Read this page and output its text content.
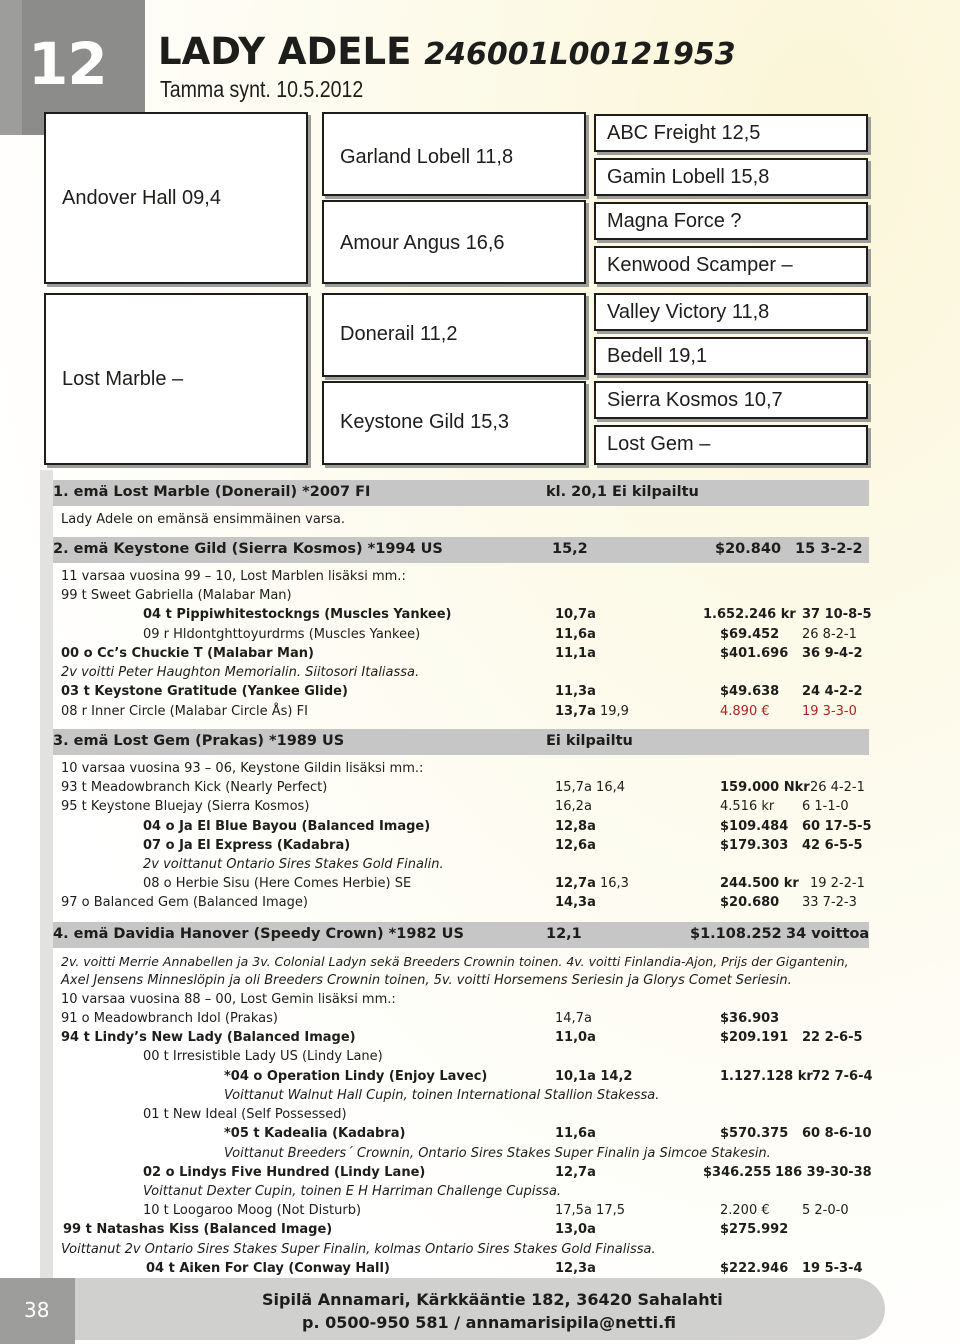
12 LADY ADELE 246001L00121953
Tamma synt. 10.5.2012
Andover Hall 09,4
Lost Marble –
Garland Lobell 11,8
Amour Angus 16,6
Donerail 11,2
Keystone Gild 15,3
ABC Freight 12,5
Gamin Lobell 15,8
Magna Force ?
Kenwood Scamper –
Valley Victory 11,8
Bedell 19,1
Sierra Kosmos 10,7
Lost Gem –
1. emä Lost Marble (Donerail) *2007 FI	kl. 20,1 Ei kilpailtu
Lady Adele on emänsä ensimmäinen varsa.
2. emä Keystone Gild (Sierra Kosmos) *1994 US	15,2	$20.840 15 3-2-2
11 varsaa vuosina 99 – 10, Lost Marblen lisäksi mm.:
99 t Sweet Gabriella (Malabar Man)
04 t Pippiwhitestockngs (Muscles Yankee)	10,7a	1.652.246 kr 37 10-8-5
09 r Hldontghttoyurdrms (Muscles Yankee)	11,6a	$69.452 26 8-2-1
00 o Cc’s Chuckie T (Malabar Man)	11,1a	$401.696 36 9-4-2
2v voitti Peter Haughton Memorialin. Siitosori Italiassa.
03 t Keystone Gratitude (Yankee Glide)	11,3a	$49.638 24 4-2-2
08 r Inner Circle (Malabar Circle Ås) FI	13,7a 19,9	4.890 € 19 3-3-0
3. emä Lost Gem (Prakas) *1989 US	Ei kilpailtu
10 varsaa vuosina 93 – 06, Keystone Gildin lisäksi mm.:
93 t Meadowbranch Kick (Nearly Perfect)	15,7a 16,4	159.000 Nkr 26 4-2-1
95 t Keystone Bluejay (Sierra Kosmos)	16,2a	4.516 kr 6 1-1-0
04 o Ja El Blue Bayou (Balanced Image)	12,8a	$109.484 60 17-5-5
07 o Ja El Express (Kadabra)	12,6a	$179.303 42 6-5-5
2v voittanut Ontario Sires Stakes Gold Finalin.
08 o Herbie Sisu (Here Comes Herbie) SE	12,7a 16,3	244.500 kr 19 2-2-1
97 o Balanced Gem (Balanced Image)	14,3a	$20.680 33 7-2-3
4. emä Davidia Hanover (Speedy Crown) *1982 US	12,1	$1.108.252 34 voittoa
2v. voitti Merrie Annabellen ja 3v. Colonial Ladyn sekä Breeders Crownin toinen. 4v. voitti Finlandia-Ajon, Prijs der Gigantenin,
Axel Jensens Minneslöpin ja oli Breeders Crownin toinen, 5v. voitti Horsemens Seriesin ja Glorys Comet Seriesin.
10 varsaa vuosina 88 – 00, Lost Gemin lisäksi mm.:
91 o Meadowbranch Idol (Prakas)	14,7a	$36.903
94 t Lindy’s New Lady (Balanced Image)	11,0a	$209.191 22 2-6-5
00 t Irresistible Lady US (Lindy Lane)
*04 o Operation Lindy (Enjoy Lavec)	10,1a 14,2	1.127.128 kr 72 7-6-4
Voittanut Walnut Hall Cupin, toinen International Stallion Stakessa.
01 t New Ideal (Self Possessed)
*05 t Kadealia (Kadabra)	11,6a	$570.375 60 8-6-10
Voittanut Breeders´ Crownin, Ontario Sires Stakes Super Finalin ja Simcoe Stakesin.
02 o Lindys Five Hundred (Lindy Lane)	12,7a	$346.255 186 39-30-38
Voittanut Dexter Cupin, toinen E H Harriman Challenge Cupissa.
10 t Loogaroo Moog (Not Disturb)	17,5a 17,5	2.200 € 5 2-0-0
99 t Natashas Kiss (Balanced Image)	13,0a	$275.992
Voittanut 2v Ontario Sires Stakes Super Finalin, kolmas Ontario Sires Stakes Gold Finalissa.
04 t Aiken For Clay (Conway Hall)	12,3a	$222.946 19 5-3-4
38	Sipilä Annamari, Kärkkääntie 182, 36420 Sahalahti
p. 0500-950 581 / annamarisipila@netti.fi
